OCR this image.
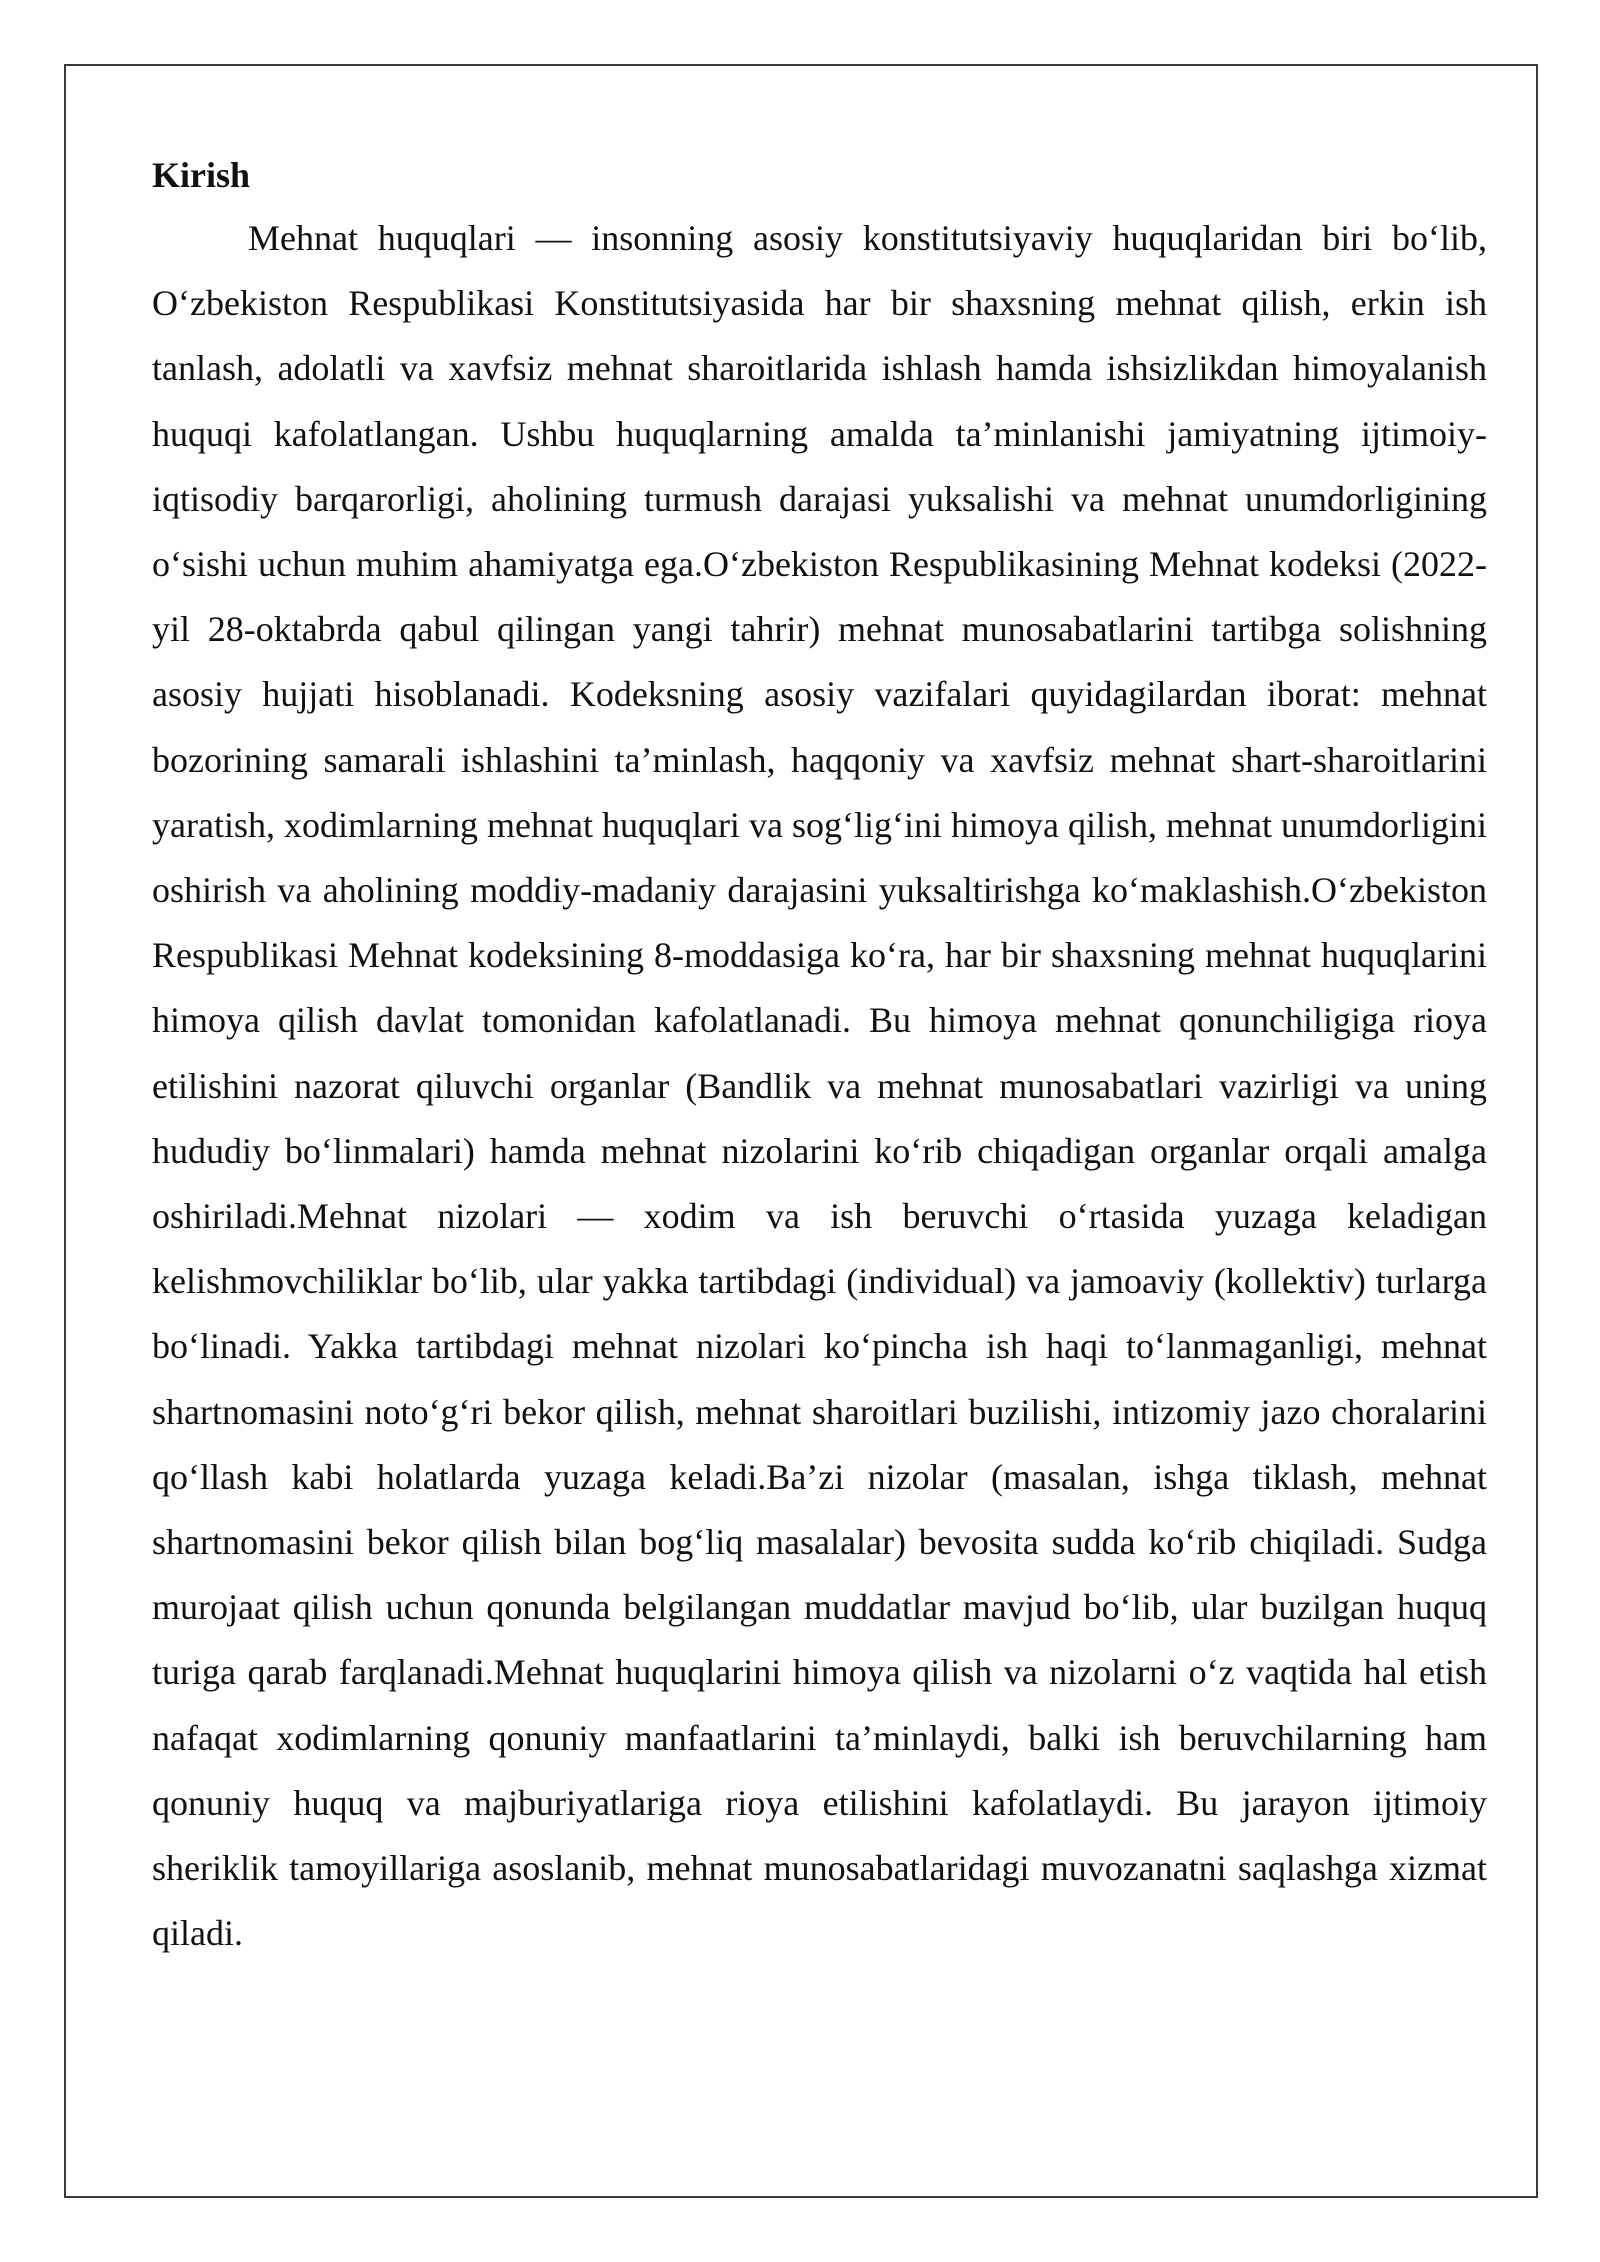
Kirish

Mehnat huquqlari — insonning asosiy konstitutsiyaviy huquqlaridan biri bo‘lib, O‘zbekiston Respublikasi Konstitutsiyasida har bir shaxsning mehnat qilish, erkin ish tanlash, adolatli va xavfsiz mehnat sharoitlarida ishlash hamda ishsizlikdan himoyalanish huquqi kafolatlangan. Ushbu huquqlarning amalda ta’minlanishi jamiyatning ijtimoiy-iqtisodiy barqarorligi, aholining turmush darajasi yuksalishi va mehnat unumdorligining o‘sishi uchun muhim ahamiyatga ega.O‘zbekiston Respublikasining Mehnat kodeksi (2022-yil 28-oktabrda qabul qilingan yangi tahrir) mehnat munosabatlarini tartibga solishning asosiy hujjati hisoblanadi. Kodeksning asosiy vazifalari quyidagilardan iborat: mehnat bozorining samarali ishlashini ta’minlash, haqqoniy va xavfsiz mehnat shart-sharoitlarini yaratish, xodimlarning mehnat huquqlari va sog‘lig‘ini himoya qilish, mehnat unumdorligini oshirish va aholining moddiy-madaniy darajasini yuksaltirishga ko‘maklashish.O‘zbekiston Respublikasi Mehnat kodeksining 8-moddasiga ko‘ra, har bir shaxsning mehnat huquqlarini himoya qilish davlat tomonidan kafolatlanadi. Bu himoya mehnat qonunchiligiga rioya etilishini nazorat qiluvchi organlar (Bandlik va mehnat munosabatlari vazirligi va uning hududiy bo‘linmalari) hamda mehnat nizolarini ko‘rib chiqadigan organlar orqali amalga oshiriladi.Mehnat nizolari — xodim va ish beruvchi o‘rtasida yuzaga keladigan kelishmovchiliklar bo‘lib, ular yakka tartibdagi (individual) va jamoaviy (kollektiv) turlarga bo‘linadi. Yakka tartibdagi mehnat nizolari ko‘pincha ish haqi to‘lanmaganligi, mehnat shartnomasini noto‘g‘ri bekor qilish, mehnat sharoitlari buzilishi, intizomiy jazo choralarini qo‘llash kabi holatlarda yuzaga keladi.Ba’zi nizolar (masalan, ishga tiklash, mehnat shartnomasini bekor qilish bilan bog‘liq masalalar) bevosita sudda ko‘rib chiqiladi. Sudga murojaat qilish uchun qonunda belgilangan muddatlar mavjud bo‘lib, ular buzilgan huquq turiga qarab farqlanadi.Mehnat huquqlarini himoya qilish va nizolarni o‘z vaqtida hal etish nafaqat xodimlarning qonuniy manfaatlarini ta’minlaydi, balki ish beruvchilarning ham qonuniy huquq va majburiyatlariga rioya etilishini kafolatlaydi. Bu jarayon ijtimoiy sheriklik tamoyillariga asoslanib, mehnat munosabatlaridagi muvozanatni saqlashga xizmat qiladi.
